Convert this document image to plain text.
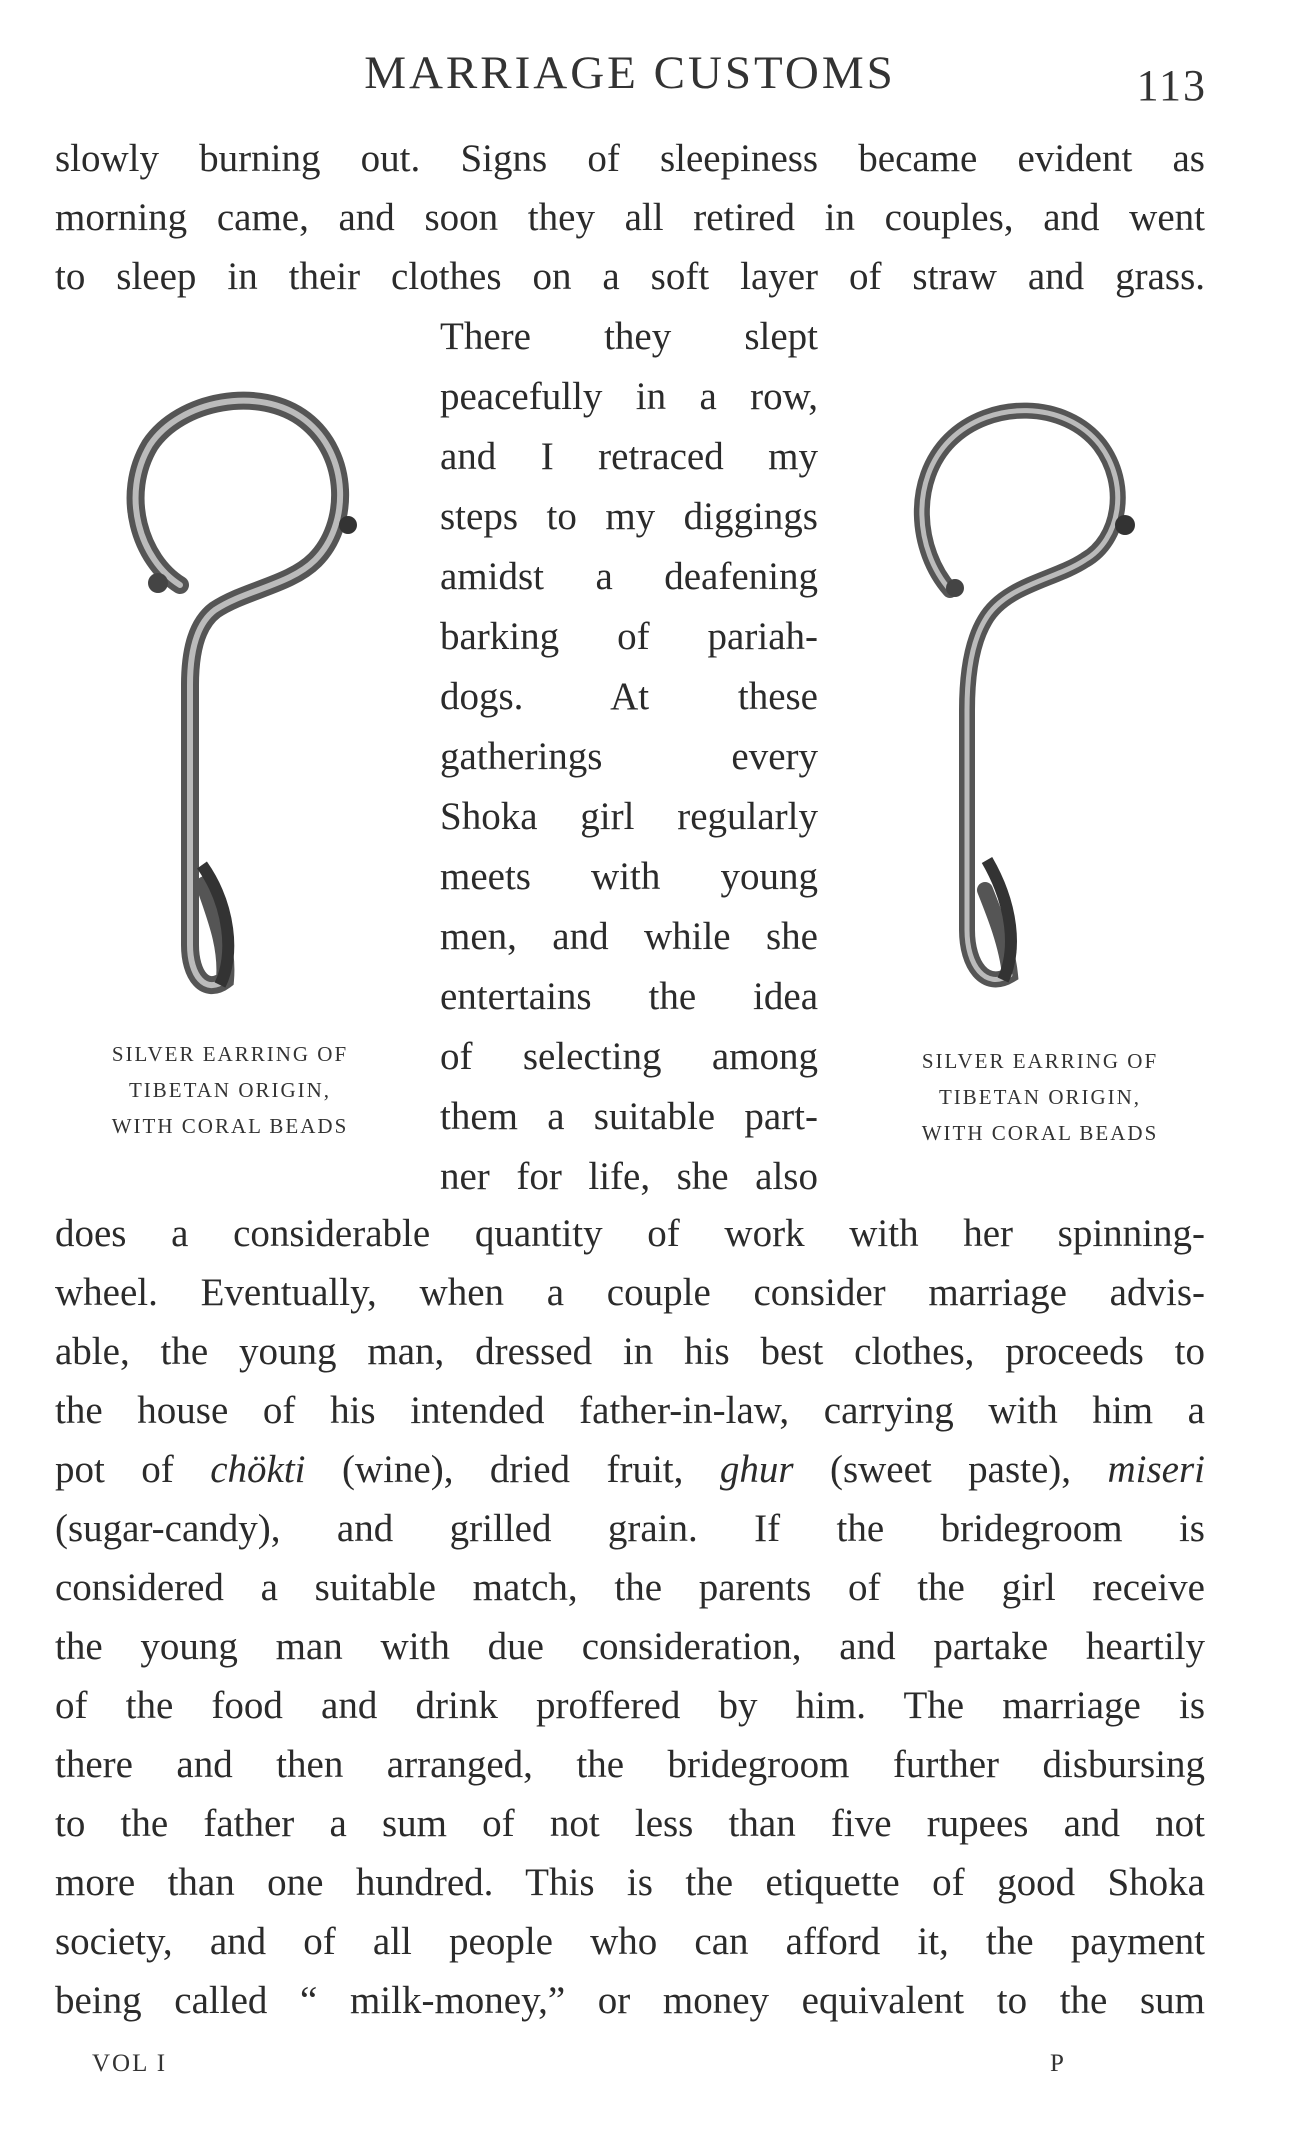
MARRIAGE CUSTOMS	113
slowly burning out. Signs of sleepiness became evident as
morning came, and soon they all retired in couples, and went
to sleep in their clothes on a soft layer of straw and grass.
There they slept
peacefully in a row,
and I retraced my
steps to my diggings
amidst a deafening
barking of pariah-
dogs. At these
gatherings every
Shoka girl regularly
meets with young
men, and while she
entertains the idea
of selecting among
them a suitable part-
ner for life, she also
SILVER EARRING OF
TIBETAN ORIGIN,
WITH CORAL BEADS
SILVER EARRING OF
TIBETAN ORIGIN,
WITH CORAL BEADS
does a considerable quantity of work with her spinning-
wheel. Eventually, when a couple consider marriage advis-
able, the young man, dressed in his best clothes, proceeds to
the house of his intended father-in-law, carrying with him a
pot of chökti (wine), dried fruit, ghur (sweet paste), miseri
(sugar-candy), and grilled grain. If the bridegroom is
considered a suitable match, the parents of the girl receive
the young man with due consideration, and partake heartily
of the food and drink proffered by him. The marriage is
there and then arranged, the bridegroom further disbursing
to the father a sum of not less than five rupees and not
more than one hundred. This is the etiquette of good Shoka
society, and of all people who can afford it, the payment
being called “ milk-money,” or money equivalent to the sum
VOL I	P
